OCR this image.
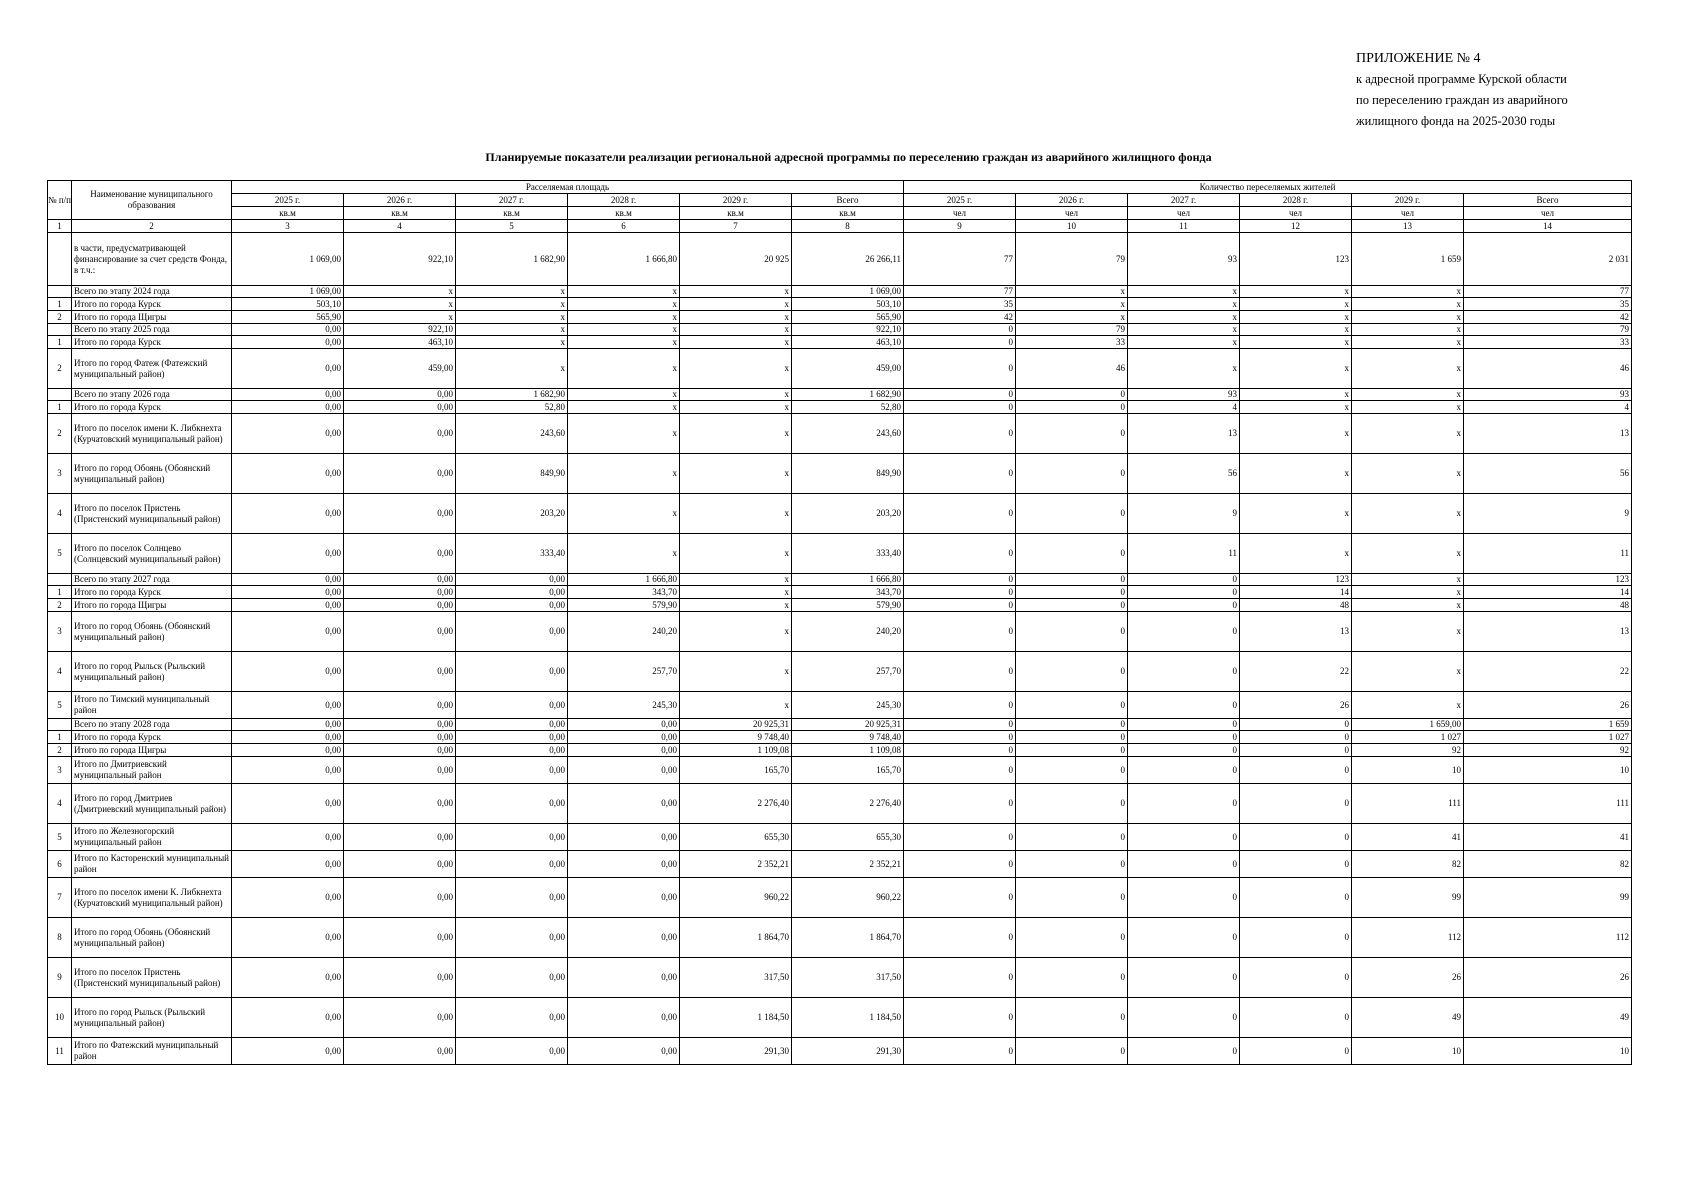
ПРИЛОЖЕНИЕ № 4
к адресной программе Курской области
по переселению граждан из аварийного
жилищного фонда на 2025-2030 годы
Планируемые показатели реализации региональной адресной программы по переселению граждан из аварийного жилищного фонда
№ п/п	Наименование муниципального образования	Расселяемая площадь						Количество переселяемых жителей					
		2025 г.	2026 г.	2027 г.	2028 г.	2029 г.	Всего	2025 г.	2026 г.	2027 г.	2028 г.	2029 г.	Всего
		кв.м	кв.м	кв.м	кв.м	кв.м	кв.м	чел	чел	чел	чел	чел	чел
1	2	3	4	5	6	7	8	9	10	11	12	13	14
	в части, предусматривающей финансирование за счет средств Фонда, в т.ч.:	1 069,00	922,10	1 682,90	1 666,80	20 925	26 266,11	77	79	93	123	1 659	2 031
	Всего по этапу 2024 года	1 069,00	x	x	x	x	1 069,00	77	x	x	x	x	77
1	Итого по города Курск	503,10	x	x	x	x	503,10	35	x	x	x	x	35
2	Итого по города Щигры	565,90	x	x	x	x	565,90	42	x	x	x	x	42
	Всего по этапу 2025 года	0,00	922,10	x	x	x	922,10	0	79	x	x	x	79
1	Итого по города Курск	0,00	463,10	x	x	x	463,10	0	33	x	x	x	33
2	Итого по город Фатеж (Фатежский муниципальный район)	0,00	459,00	x	x	x	459,00	0	46	x	x	x	46
	Всего по этапу 2026 года	0,00	0,00	1 682,90	x	x	1 682,90	0	0	93	x	x	93
1	Итого по города Курск	0,00	0,00	52,80	x	x	52,80	0	0	4	x	x	4
2	Итого по поселок имени К. Либкнехта (Курчатовский муниципальный район)	0,00	0,00	243,60	x	x	243,60	0	0	13	x	x	13
3	Итого по город Обоянь (Обоянский муниципальный район)	0,00	0,00	849,90	x	x	849,90	0	0	56	x	x	56
4	Итого по поселок Пристень (Пристенский муниципальный район)	0,00	0,00	203,20	x	x	203,20	0	0	9	x	x	9
5	Итого по поселок Солнцево (Солнцевский муниципальный район)	0,00	0,00	333,40	x	x	333,40	0	0	11	x	x	11
	Всего по этапу 2027 года	0,00	0,00	0,00	1 666,80	x	1 666,80	0	0	0	123	x	123
1	Итого по города Курск	0,00	0,00	0,00	343,70	x	343,70	0	0	0	14	x	14
2	Итого по города Щигры	0,00	0,00	0,00	579,90	x	579,90	0	0	0	48	x	48
3	Итого по город Обоянь (Обоянский муниципальный район)	0,00	0,00	0,00	240,20	x	240,20	0	0	0	13	x	13
4	Итого по город Рыльск (Рыльский муниципальный район)	0,00	0,00	0,00	257,70	x	257,70	0	0	0	22	x	22
5	Итого по Тимский муниципальный район	0,00	0,00	0,00	245,30	x	245,30	0	0	0	26	x	26
	Всего по этапу 2028 года	0,00	0,00	0,00	0,00	20 925,31	20 925,31	0	0	0	0	1 659,00	1 659
1	Итого по города Курск	0,00	0,00	0,00	0,00	9 748,40	9 748,40	0	0	0	0	1 027	1 027
2	Итого по города Щигры	0,00	0,00	0,00	0,00	1 109,08	1 109,08	0	0	0	0	92	92
3	Итого по Дмитриевский муниципальный район	0,00	0,00	0,00	0,00	165,70	165,70	0	0	0	0	10	10
4	Итого по город Дмитриев (Дмитриевский муниципальный район)	0,00	0,00	0,00	0,00	2 276,40	2 276,40	0	0	0	0	111	111
5	Итого по Железногорский муниципальный район	0,00	0,00	0,00	0,00	655,30	655,30	0	0	0	0	41	41
6	Итого по Касторенский муниципальный район	0,00	0,00	0,00	0,00	2 352,21	2 352,21	0	0	0	0	82	82
7	Итого по поселок имени К. Либкнехта (Курчатовский муниципальный район)	0,00	0,00	0,00	0,00	960,22	960,22	0	0	0	0	99	99
8	Итого по город Обоянь (Обоянский муниципальный район)	0,00	0,00	0,00	0,00	1 864,70	1 864,70	0	0	0	0	112	112
9	Итого по поселок Пристень (Пристенский муниципальный район)	0,00	0,00	0,00	0,00	317,50	317,50	0	0	0	0	26	26
10	Итого по город Рыльск (Рыльский муниципальный район)	0,00	0,00	0,00	0,00	1 184,50	1 184,50	0	0	0	0	49	49
11	Итого по Фатежский муниципальный район	0,00	0,00	0,00	0,00	291,30	291,30	0	0	0	0	10	10
